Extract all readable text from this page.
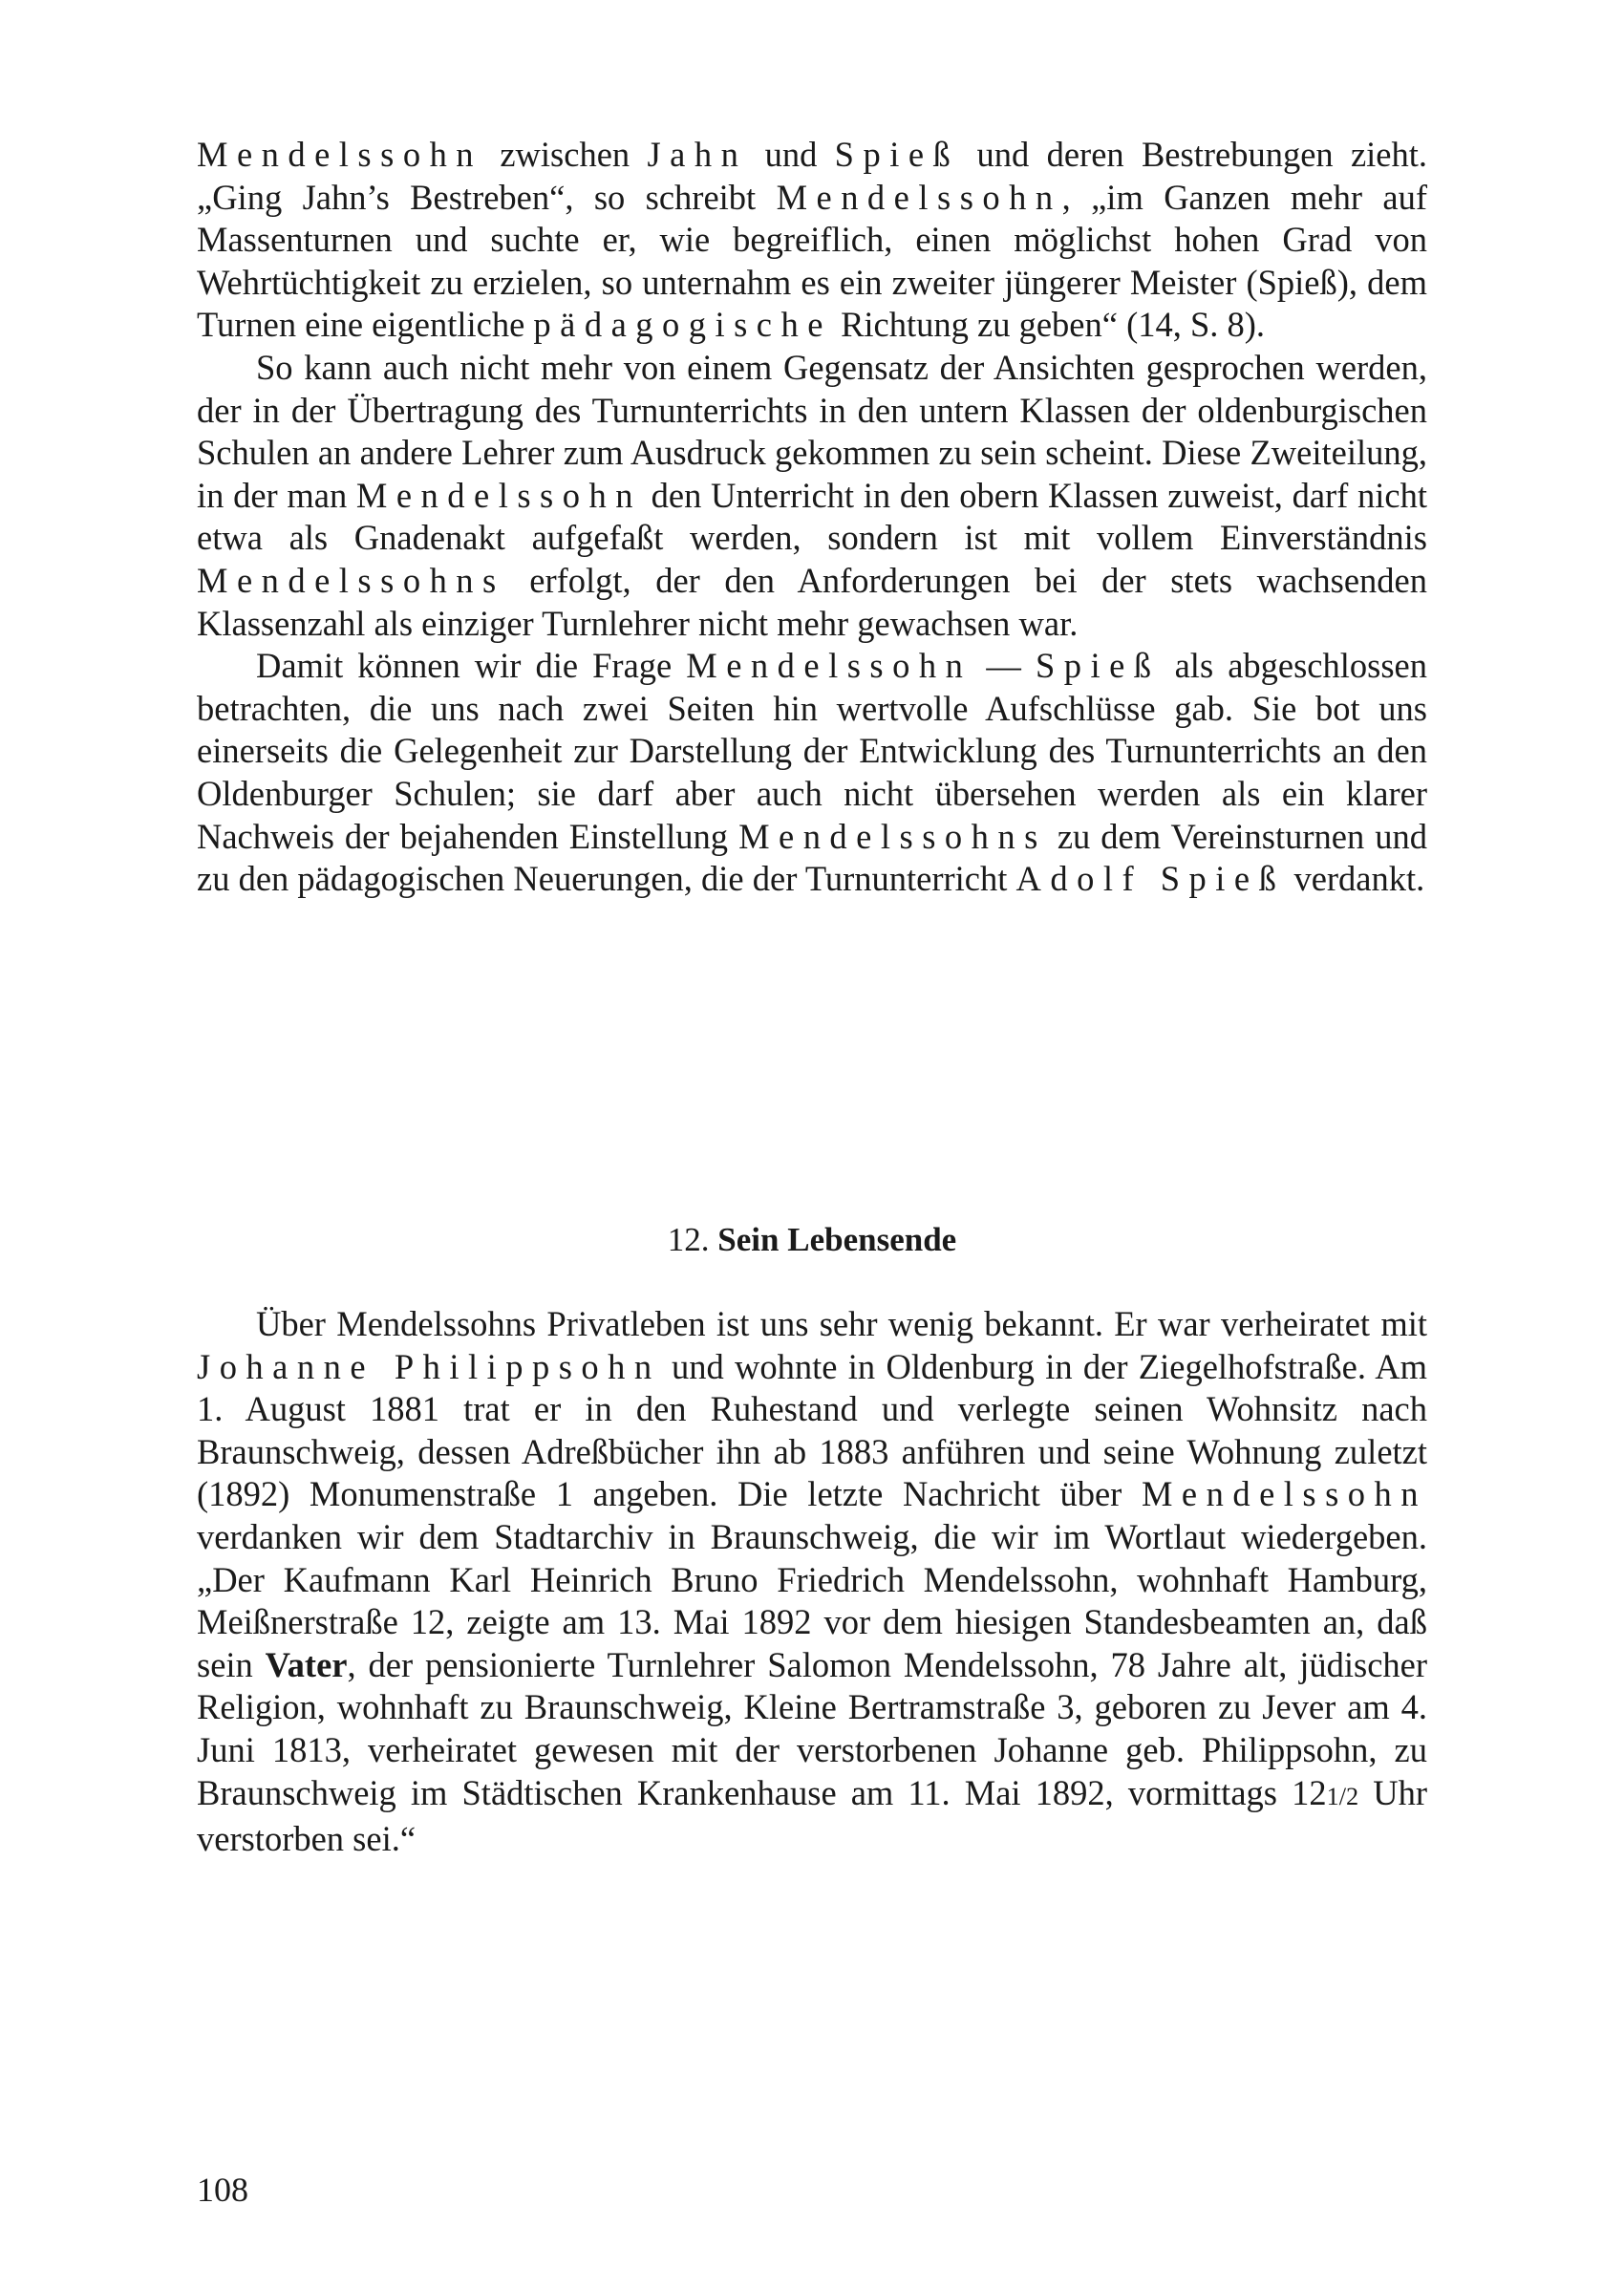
Mendelssohn zwischen Jahn und Spieß und deren Bestrebungen zieht. „Ging Jahn’s Bestreben“, so schreibt Mendelssohn, „im Ganzen mehr auf Massenturnen und suchte er, wie begreiflich, einen möglichst hohen Grad von Wehrtüchtigkeit zu erzielen, so unternahm es ein zweiter jüngerer Meister (Spieß), dem Turnen eine eigentliche pädagogische Richtung zu geben“ (14, S. 8).

So kann auch nicht mehr von einem Gegensatz der Ansichten gesprochen werden, der in der Übertragung des Turnunterrichts in den untern Klassen der oldenburgischen Schulen an andere Lehrer zum Ausdruck gekommen zu sein scheint. Diese Zweiteilung, in der man Mendelssohn den Unterricht in den obern Klassen zuweist, darf nicht etwa als Gnadenakt aufgefaßt werden, sondern ist mit vollem Einverständnis Mendelssohns erfolgt, der den Anforderungen bei der stets wachsenden Klassenzahl als einziger Turnlehrer nicht mehr gewachsen war.

Damit können wir die Frage Mendelssohn — Spieß als abgeschlossen betrachten, die uns nach zwei Seiten hin wertvolle Aufschlüsse gab. Sie bot uns einerseits die Gelegenheit zur Darstellung der Entwicklung des Turnunterrichts an den Oldenburger Schulen; sie darf aber auch nicht übersehen werden als ein klarer Nachweis der bejahenden Einstellung Mendelssohns zu dem Vereinsturnen und zu den pädagogischen Neuerungen, die der Turnunterricht Adolf Spieß verdankt.

12. Sein Lebensende

Über Mendelssohns Privatleben ist uns sehr wenig bekannt. Er war verheiratet mit Johanne Philippsohn und wohnte in Oldenburg in der Ziegelhofstraße. Am 1. August 1881 trat er in den Ruhestand und verlegte seinen Wohnsitz nach Braunschweig, dessen Adreßbücher ihn ab 1883 anführen und seine Wohnung zuletzt (1892) Monumenstraße 1 angeben. Die letzte Nachricht über Mendelssohn verdanken wir dem Stadtarchiv in Braunschweig, die wir im Wortlaut wiedergeben. „Der Kaufmann Karl Heinrich Bruno Friedrich Mendelssohn, wohnhaft Hamburg, Meißnerstraße 12, zeigte am 13. Mai 1892 vor dem hiesigen Standesbeamten an, daß sein Vater, der pensionierte Turnlehrer Salomon Mendelssohn, 78 Jahre alt, jüdischer Religion, wohnhaft zu Braunschweig, Kleine Bertramstraße 3, geboren zu Jever am 4. Juni 1813, verheiratet gewesen mit der verstorbenen Johanne geb. Philippsohn, zu Braunschweig im Städtischen Krankenhause am 11. Mai 1892, vormittags 121/2 Uhr verstorben sei.“

108
